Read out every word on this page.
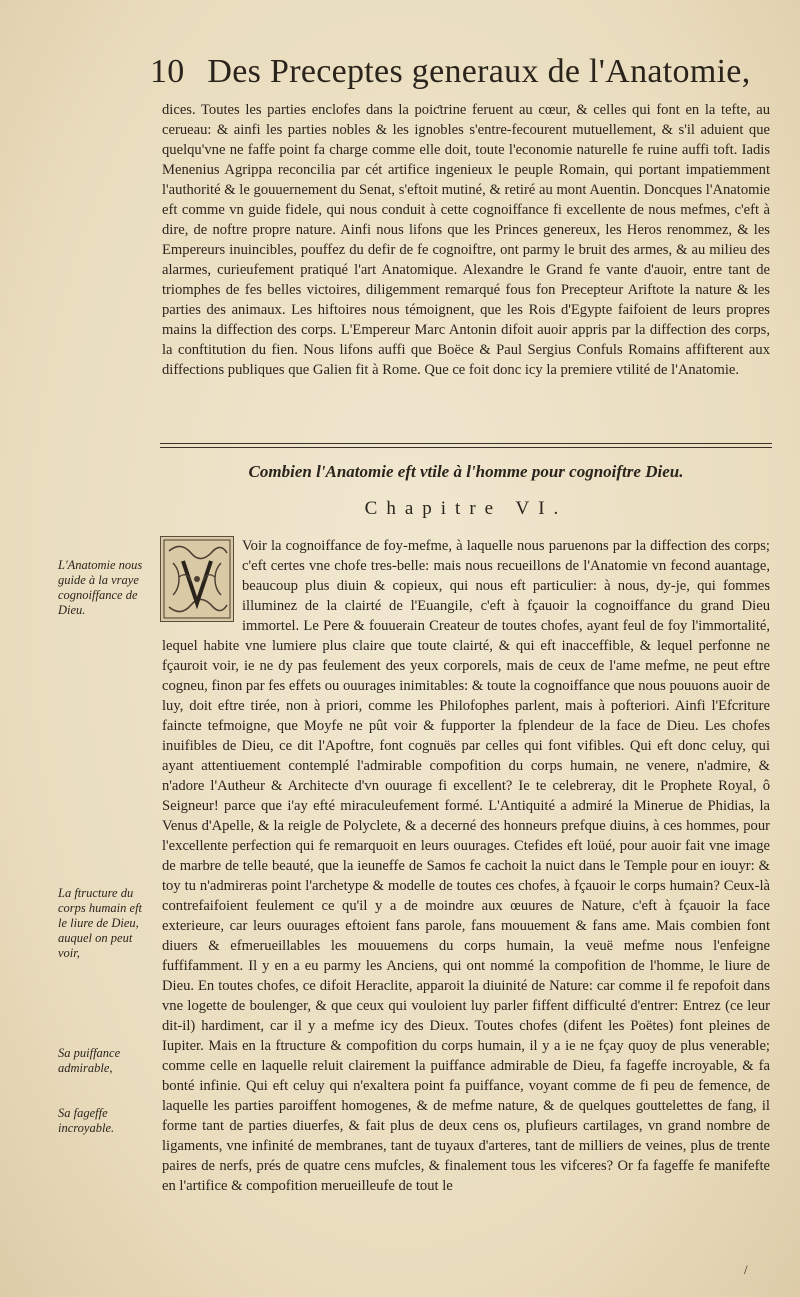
10 Des Preceptes generaux de l'Anatomie,
dices. Toutes les parties enclofes dans la poiƈtrine feruent au cœur, & celles qui font en la tefte, au cerueau: & ainfi les parties nobles & les ignobles s'entre-fecourent mutuellement, & s'il aduient que quelqu'vne ne faffe point fa charge comme elle doit, toute l'economie naturelle fe ruine auffi toft. Iadis Menenius Agrippa reconcilia par cét artifice ingenieux le peuple Romain, qui portant impatiemment l'authorité & le gouuernement du Senat, s'eftoit mutiné, & retiré au mont Auentin. Doncques l'Anatomie eft comme vn guide fidele, qui nous conduit à cette cognoiffance fi excellente de nous mefmes, c'eft à dire, de noftre propre nature. Ainfi nous lifons que les Princes genereux, les Heros renommez, & les Empereurs inuincibles, pouffez du defir de fe cognoiftre, ont parmy le bruit des armes, & au milieu des alarmes, curieufement pratiqué l'art Anatomique. Alexandre le Grand fe vante d'auoir, entre tant de triomphes de fes belles victoires, diligemment remarqué fous fon Precepteur Ariftote la nature & les parties des animaux. Les hiftoires nous témoignent, que les Rois d'Egypte faifoient de leurs propres mains la diffection des corps. L'Empereur Marc Antonin difoit auoir appris par la diffection des corps, la conftitution du fien. Nous lifons auffi que Boëce & Paul Sergius Confuls Romains affifterent aux diffections publiques que Galien fit à Rome. Que ce foit donc icy la premiere vtilité de l'Anatomie.
Combien l'Anatomie eft vtile à l'homme pour cognoiftre Dieu.
Chapitre VI.
Voir la cognoiffance de foy-mefme, à laquelle nous paruenons par la diffection des corps; c'eft certes vne chofe tres-belle: mais nous recueillons de l'Anatomie vn fecond auantage, beaucoup plus diuin & copieux, qui nous eft particulier: à nous, dy-je, qui fommes illuminez de la clairté de l'Euangile, c'eft à fçauoir la cognoiffance du grand Dieu immortel. Le Pere & fouuerain Createur de toutes chofes, ayant feul de foy l'immortalité, lequel habite vne lumiere plus claire que toute clairté, & qui eft inacceffible, & lequel perfonne ne fçauroit voir, ie ne dy pas feulement des yeux corporels, mais de ceux de l'ame mefme, ne peut eftre cogneu, finon par fes effets ou ouurages inimitables: & toute la cognoiffance que nous pouuons auoir de luy, doit eftre tirée, non à priori, comme les Philofophes parlent, mais à pofteriori. Ainfi l'Efcriture faincte tefmoigne, que Moyfe ne pût voir & fupporter la fplendeur de la face de Dieu. Les chofes inuifibles de Dieu, ce dit l'Apoftre, font cognuës par celles qui font vifibles. Qui eft donc celuy, qui ayant attentiuement contemplé l'admirable compofition du corps humain, ne venere, n'admire, & n'adore l'Autheur & Architecte d'vn ouurage fi excellent? Ie te celebreray, dit le Prophete Royal, ô Seigneur! parce que i'ay efté miraculeufement formé. L'Antiquité a admiré la Minerue de Phidias, la Venus d'Apelle, & la reigle de Polyclete, & a decerné des honneurs prefque diuins, à ces hommes, pour l'excellente perfection qui fe remarquoit en leurs ouurages. Ctefides eft loüé, pour auoir fait vne image de marbre de telle beauté, que la ieuneffe de Samos fe cachoit la nuict dans le Temple pour en iouyr: & toy tu n'admireras point l'archetype & modelle de toutes ces chofes, à fçauoir le corps humain? Ceux-là contrefaifoient feulement ce qu'il y a de moindre aux œuures de Nature, c'eft à fçauoir la face exterieure, car leurs ouurages eftoient fans parole, fans mouuement & fans ame. Mais combien font diuers & efmerueillables les mouuemens du corps humain, la veuë mefme nous l'enfeigne fuffifamment. Il y en a eu parmy les Anciens, qui ont nommé la compofition de l'homme, le liure de Dieu. En toutes chofes, ce difoit Heraclite, apparoit la diuinité de Nature: car comme il fe repofoit dans vne logette de boulenger, & que ceux qui vouloient luy parler fiffent difficulté d'entrer: Entrez (ce leur dit-il) hardiment, car il y a mefme icy des Dieux. Toutes chofes (difent les Poëtes) font pleines de Iupiter. Mais en la ftructure & compofition du corps humain, il y a ie ne fçay quoy de plus venerable; comme celle en laquelle reluit clairement la puiffance admirable de Dieu, fa fageffe incroyable, & fa bonté infinie. Qui eft celuy qui n'exaltera point fa puiffance, voyant comme de fi peu de femence, de laquelle les parties paroiffent homogenes, & de mefme nature, & de quelques gouttelettes de fang, il forme tant de parties diuerfes, & fait plus de deux cens os, plufieurs cartilages, vn grand nombre de ligaments, vne infinité de membranes, tant de tuyaux d'arteres, tant de milliers de veines, plus de trente paires de nerfs, prés de quatre cens mufcles, & finalement tous les vifceres? Or fa fageffe fe manifefte en l'artifice & compofition merueilleufe de tout le
L'Anatomie nous guide à la vraye cognoiffance de Dieu.
La ftructure du corps humain eft le liure de Dieu, auquel on peut voir,
Sa puiffance admirable,
Sa fageffe incroyable.
/
